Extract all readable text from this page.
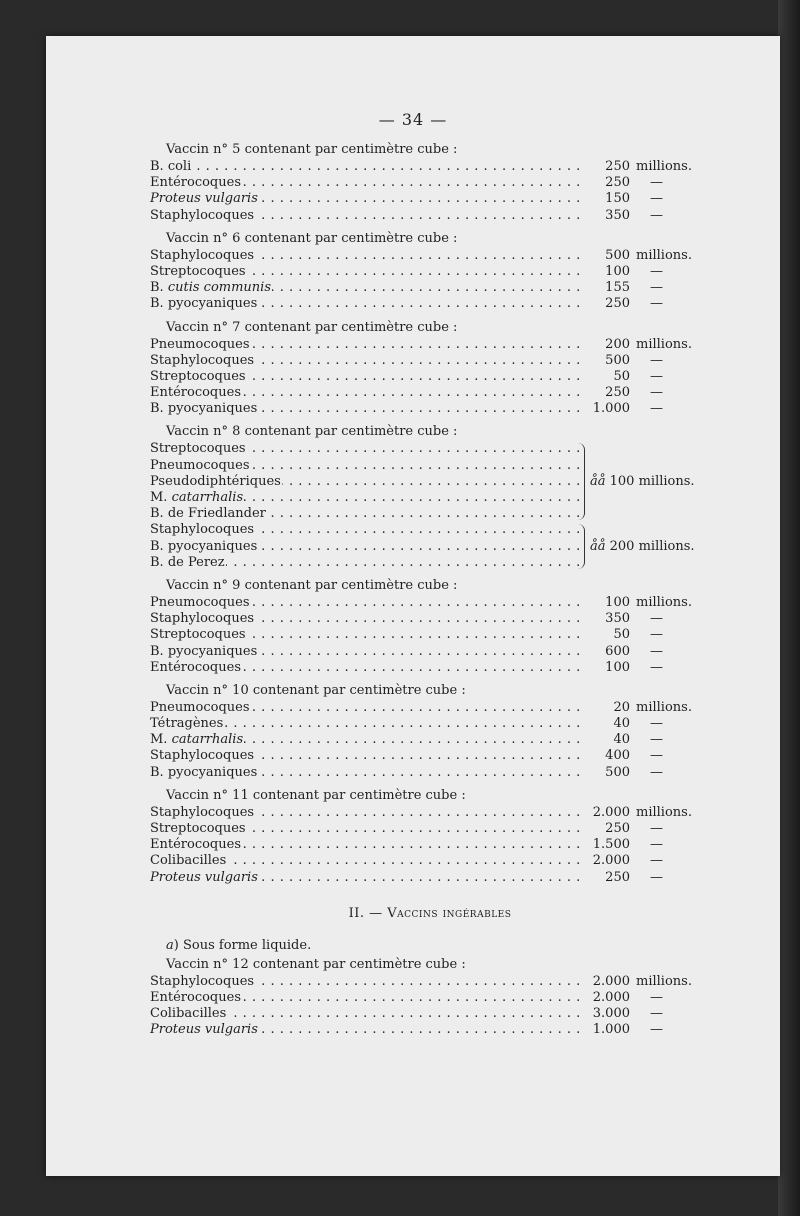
— 34 —
Vaccin n° 5 contenant par centimètre cube :
B. coli . . .	250 millions.
Entérocoques . . .	250 —
Proteus vulgaris . . .	150 —
Staphylocoques . . .	350 —
Vaccin n° 6 contenant par centimètre cube :
Staphylocoques . . .	500 millions.
Streptocoques . . .	100 —
B. cutis communis . . .	155 —
B. pyocyaniques . . .	250 —
Vaccin n° 7 contenant par centimètre cube :
Pneumocoques . . .	200 millions.
Staphylocoques . . .	500 —
Streptocoques . . .	50 —
Entérocoques . . .	250 —
B. pyocyaniques . . .	1.000 —
Vaccin n° 8 contenant par centimètre cube :
Streptocoques . . .
Pneumocoques . . .
Pseudodiphtériques . . .
M. catarrhalis . . .
B. de Friedlander . . .
åå 100 millions.
Staphylocoques . . .
B. pyocyaniques . . .
B. de Perez . . .
åå 200 millions.
Vaccin n° 9 contenant par centimètre cube :
Pneumocoques . . .	100 millions.
Staphylocoques . . .	350 —
Streptocoques . . .	50 —
B. pyocyaniques . . .	600 —
Entérocoques . . .	100 —
Vaccin n° 10 contenant par centimètre cube :
Pneumocoques . . .	20 millions.
Tétragènes . . .	40 —
M. catarrhalis . . .	40 —
Staphylocoques . . .	400 —
B. pyocyaniques . . .	500 —
Vaccin n° 11 contenant par centimètre cube :
Staphylocoques . . .	2.000 millions.
Streptocoques . . .	250 —
Entérocoques . . .	1.500 —
Colibacilles . . .	2.000 —
Proteus vulgaris . . .	250 —
II. — Vaccins ingérables
a) Sous forme liquide.
Vaccin n° 12 contenant par centimètre cube :
Staphylocoques . . .	2.000 millions.
Entérocoques . . .	2.000 —
Colibacilles . . .	3.000 —
Proteus vulgaris . . .	1.000 —
